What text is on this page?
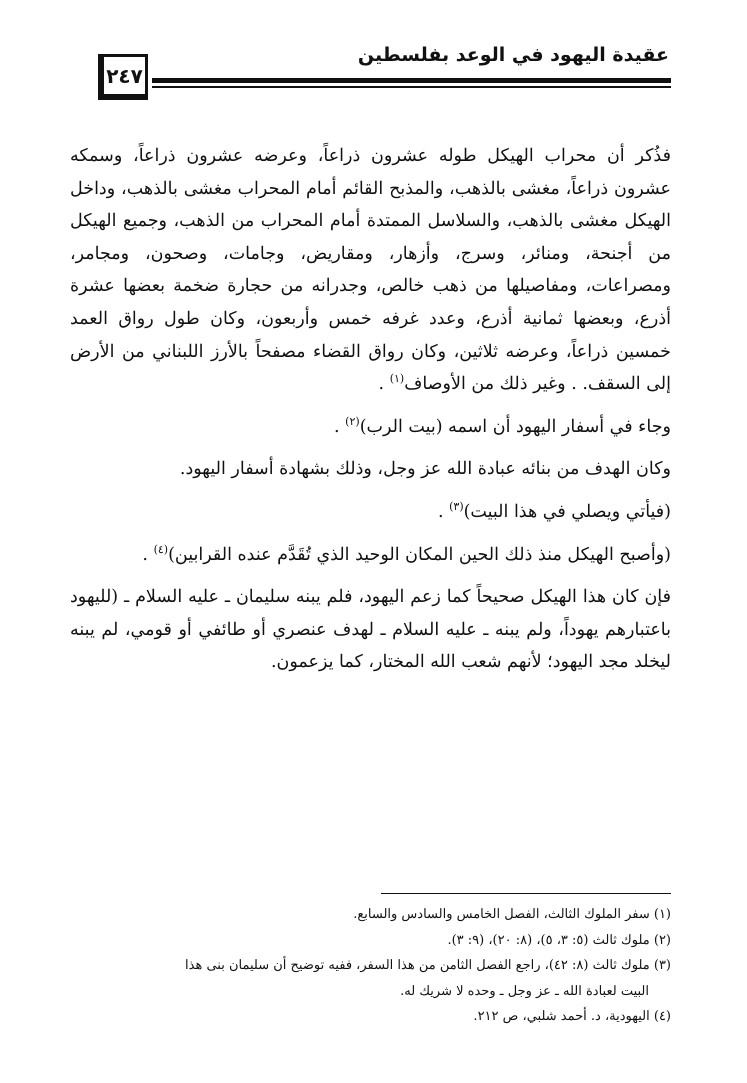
عقيدة اليهود في الوعد بفلسطين
٢٤٧

فذُكر أن محراب الهيكل طوله عشرون ذراعاً، وعرضه عشرون ذراعاً، وسمكه عشرون ذراعاً، مغشى بالذهب، والمذبح القائم أمام المحراب مغشى بالذهب، وداخل الهيكل مغشى بالذهب، والسلاسل الممتدة أمام المحراب من الذهب، وجميع الهيكل من أجنحة، ومنائر، وسرج، وأزهار، ومقاريض، وجامات، وصحون، ومجامر، ومصراعات، ومفاصيلها من ذهب خالص، وجدرانه من حجارة ضخمة بعضها عشرة أذرع، وبعضها ثمانية أذرع، وعدد غرفه خمس وأربعون، وكان طول رواق العمد خمسين ذراعاً، وعرضه ثلاثين، وكان رواق القضاء مصفحاً بالأرز اللبناني من الأرض إلى السقف. . وغير ذلك من الأوصاف$^{(١)}$ .

وجاء في أسفار اليهود أن اسمه (بيت الرب)$^{(٢)}$ .

وكان الهدف من بنائه عبادة الله عز وجل، وذلك بشهادة أسفار اليهود.

(فيأتي ويصلي في هذا البيت)$^{(٣)}$ .

(وأصبح الهيكل منذ ذلك الحين المكان الوحيد الذي تُقَدَّم عنده القرابين)$^{(٤)}$ .

فإن كان هذا الهيكل صحيحاً كما زعم اليهود، فلم يبنه سليمان ـ عليه السلام ـ (لليهود باعتبارهم يهوداً، ولم يبنه ـ عليه السلام ـ لهدف عنصري أو طائفي أو قومي، لم يبنه ليخلد مجد اليهود؛ لأنهم شعب الله المختار، كما يزعمون.

(١) سفر الملوك الثالث، الفصل الخامس والسادس والسابع.

(٢) ملوك ثالث (٥: ٣، ٥)، (٨: ٢٠)، (٩: ٣).

(٣) ملوك ثالث (٨: ٤٢)، راجع الفصل الثامن من هذا السفر، ففيه توضيح أن سليمان بنى هذا

البيت لعبادة الله ـ عز وجل ـ وحده لا شريك له.

(٤) اليهودية، د. أحمد شلبي، ص ٢١٢.
